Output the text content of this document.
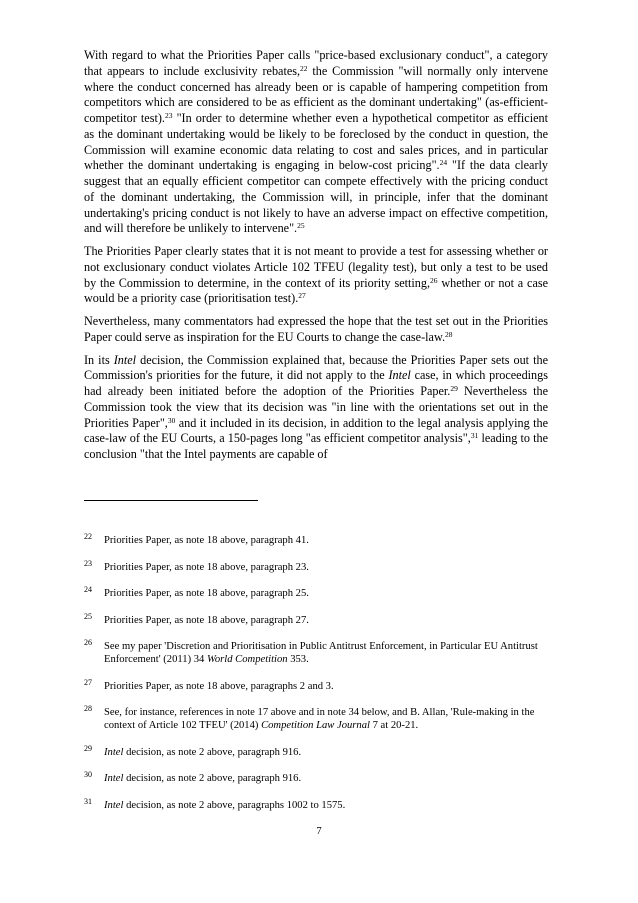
With regard to what the Priorities Paper calls "price-based exclusionary conduct", a category that appears to include exclusivity rebates,$^{22}$ the Commission "will normally only intervene where the conduct concerned has already been or is capable of hampering competition from competitors which are considered to be as efficient as the dominant undertaking" (as-efficient-competitor test).$^{23}$ "In order to determine whether even a hypothetical competitor as efficient as the dominant undertaking would be likely to be foreclosed by the conduct in question, the Commission will examine economic data relating to cost and sales prices, and in particular whether the dominant undertaking is engaging in below-cost pricing".$^{24}$ "If the data clearly suggest that an equally efficient competitor can compete effectively with the pricing conduct of the dominant undertaking, the Commission will, in principle, infer that the dominant undertaking's pricing conduct is not likely to have an adverse impact on effective competition, and will therefore be unlikely to intervene".$^{25}$

The Priorities Paper clearly states that it is not meant to provide a test for assessing whether or not exclusionary conduct violates Article 102 TFEU (legality test), but only a test to be used by the Commission to determine, in the context of its priority setting,$^{26}$ whether or not a case would be a priority case (prioritisation test).$^{27}$

Nevertheless, many commentators had expressed the hope that the test set out in the Priorities Paper could serve as inspiration for the EU Courts to change the case-law.$^{28}$

In its Intel decision, the Commission explained that, because the Priorities Paper sets out the Commission's priorities for the future, it did not apply to the Intel case, in which proceedings had already been initiated before the adoption of the Priorities Paper.$^{29}$ Nevertheless the Commission took the view that its decision was "in line with the orientations set out in the Priorities Paper",$^{30}$ and it included in its decision, in addition to the legal analysis applying the case-law of the EU Courts, a 150-pages long "as efficient competitor analysis",$^{31}$ leading to the conclusion "that the Intel payments are capable of

22 Priorities Paper, as note 18 above, paragraph 41.
23 Priorities Paper, as note 18 above, paragraph 23.
24 Priorities Paper, as note 18 above, paragraph 25.
25 Priorities Paper, as note 18 above, paragraph 27.
26 See my paper 'Discretion and Prioritisation in Public Antitrust Enforcement, in Particular EU Antitrust Enforcement' (2011) 34 World Competition 353.
27 Priorities Paper, as note 18 above, paragraphs 2 and 3.
28 See, for instance, references in note 17 above and in note 34 below, and B. Allan, 'Rule-making in the context of Article 102 TFEU' (2014) Competition Law Journal 7 at 20-21.
29 Intel decision, as note 2 above, paragraph 916.
30 Intel decision, as note 2 above, paragraph 916.
31 Intel decision, as note 2 above, paragraphs 1002 to 1575.
7
